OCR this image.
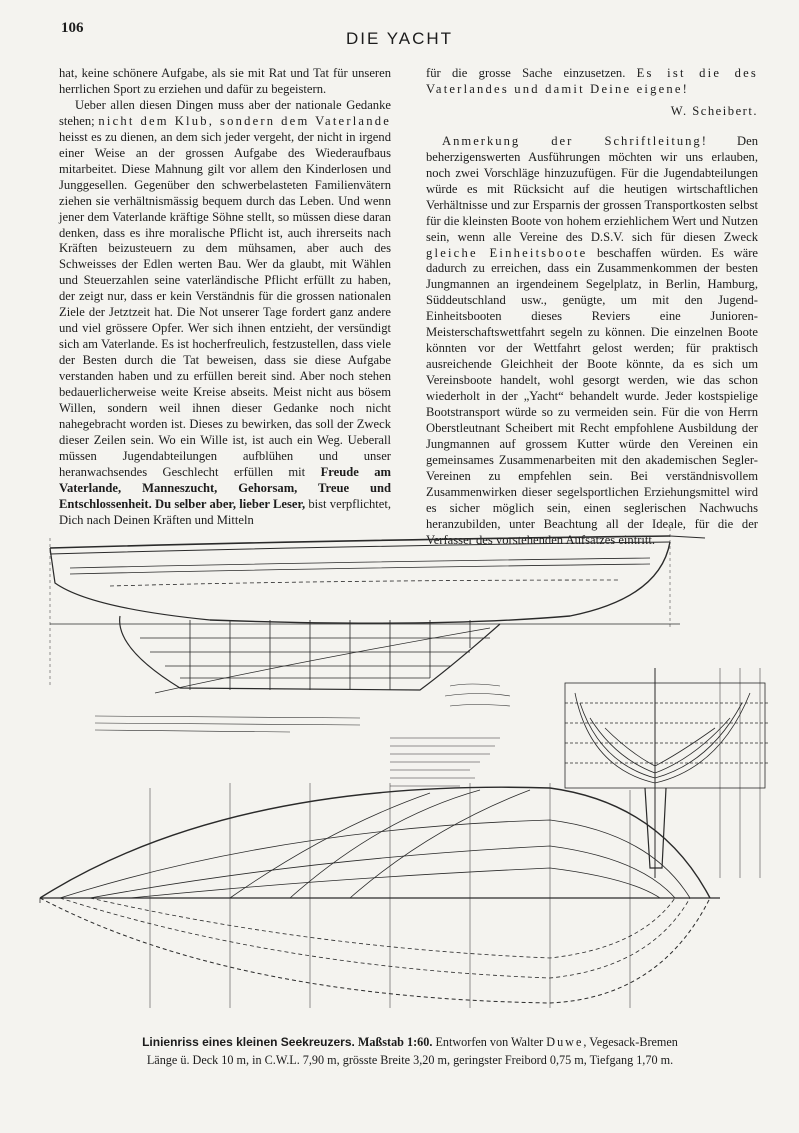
106
DIE YACHT

hat, keine schönere Aufgabe, als sie mit Rat und Tat für unseren herrlichen Sport zu erziehen und dafür zu begeistern.

Ueber allen diesen Dingen muss aber der nationale Gedanke stehen; nicht dem Klub, sondern dem Vaterlande heisst es zu dienen, an dem sich jeder vergeht, der nicht in irgend einer Weise an der grossen Aufgabe des Wiederaufbaus mitarbeitet. Diese Mahnung gilt vor allem den Kinderlosen und Junggesellen. Gegenüber den schwerbelasteten Familienvätern ziehen sie verhältnismässig bequem durch das Leben. Und wenn jener dem Vaterlande kräftige Söhne stellt, so müssen diese daran denken, dass es ihre moralische Pflicht ist, auch ihrerseits nach Kräften beizusteuern zu dem mühsamen, aber auch des Schweisses der Edlen werten Bau. Wer da glaubt, mit Wählen und Steuerzahlen seine vaterländische Pflicht erfüllt zu haben, der zeigt nur, dass er kein Verständnis für die grossen nationalen Ziele der Jetztzeit hat. Die Not unserer Tage fordert ganz andere und viel grössere Opfer. Wer sich ihnen entzieht, der versündigt sich am Vaterlande. Es ist hocherfreulich, festzustellen, dass viele der Besten durch die Tat beweisen, dass sie diese Aufgabe verstanden haben und zu erfüllen bereit sind. Aber noch stehen bedauerlicherweise weite Kreise abseits. Meist nicht aus bösem Willen, sondern weil ihnen dieser Gedanke noch nicht nahegebracht worden ist. Dieses zu bewirken, das soll der Zweck dieser Zeilen sein. Wo ein Wille ist, ist auch ein Weg. Ueberall müssen Jugendabteilungen aufblühen und unser heranwachsendes Geschlecht erfüllen mit Freude am Vaterlande, Manneszucht, Gehorsam, Treue und Entschlossenheit. Du selber aber, lieber Leser, bist verpflichtet, Dich nach Deinen Kräften und Mitteln

für die grosse Sache einzusetzen. Es ist die des Vaterlandes und damit Deine eigene!

W. Scheibert.

Anmerkung der Schriftleitung! Den beherzigenswerten Ausführungen möchten wir uns erlauben, noch zwei Vorschläge hinzuzufügen. Für die Jugendabteilungen würde es mit Rücksicht auf die heutigen wirtschaftlichen Verhältnisse und zur Ersparnis der grossen Transportkosten selbst für die kleinsten Boote von hohem erziehlichem Wert und Nutzen sein, wenn alle Vereine des D.S.V. sich für diesen Zweck gleiche Einheitsboote beschaffen würden. Es wäre dadurch zu erreichen, dass ein Zusammenkommen der besten Jungmannen an irgendeinem Segelplatz, in Berlin, Hamburg, Süddeutschland usw., genügte, um mit den Jugend-Einheitsbooten dieses Reviers eine Junioren-Meisterschaftswettfahrt segeln zu können. Die einzelnen Boote könnten vor der Wettfahrt gelost werden; für praktisch ausreichende Gleichheit der Boote könnte, da es sich um Vereinsboote handelt, wohl gesorgt werden, wie das schon wiederholt in der „Yacht“ behandelt wurde. Jeder kostspielige Bootstransport würde so zu vermeiden sein. Für die von Herrn Oberstleutnant Scheibert mit Recht empfohlene Ausbildung der Jungmannen auf grossem Kutter würde den Vereinen ein gemeinsames Zusammenarbeiten mit den akademischen Segler-Vereinen zu empfehlen sein. Bei verständnisvollem Zusammenwirken dieser segelsportlichen Erziehungsmittel wird es sicher möglich sein, einen seglerischen Nachwuchs heranzubilden, unter Beachtung all der Ideale, für die der Verfasser des vorstehenden Aufsatzes eintritt.

Linienriss eines kleinen Seekreuzers. Maßstab 1:60. Entworfen von Walter Duwe, Vegesack-Bremen
Länge ü. Deck 10 m, in C.W.L. 7,90 m, grösste Breite 3,20 m, geringster Freibord 0,75 m, Tiefgang 1,70 m.
